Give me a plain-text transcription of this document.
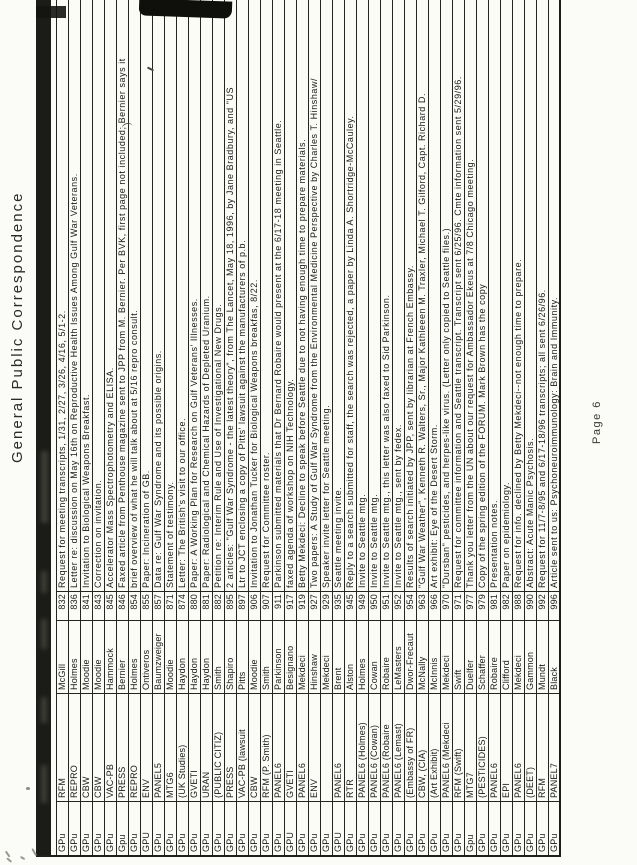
General Public Correspondence
GPu
RFM
McGill
832
Request for meeting transcripts, 1/31, 2/27, 3/26, 4/16, 5/1-2.
GPu
REPRO
Holmes
836
Letter re: discussion on May 16th on Reproductive Health Issues Among Gulf War Veterans.
GPu
CBW
Moodie
841
Invitation to Biological Weapons Breakfast.
GPu
CBW
Moodie
843
Correction on invitation.
GPu
VAC-PB
Hammock
845
Accelerator Mass Spectrophotometry and ELISA.
Gpu
PRESS
Bernier
846
Faxed article from Penthouse magazine sent to JPP from M. Bernier. Per BVK, first page not included; Bernier says it
GPu
REPRO
Holmes
854
brief overview of what he will talk about at 5/16 repro consult.
GPU
ENV
Ontiveros
855
Paper: Incineration of GB.
GPu
PANEL5
Baumzweiger
857
Data re: Gulf War Syndrome and its possible origins.
GPu
MTG6
Moodie
871
Statement of testimony.
GPu
(UK Studies)
Haydon
874
Letter: The British's visit to our office.
GPu
GVETI
Haydon
880
Paper: A Working Plan for Research on Gulf Veterans' Illnesses.
GPu
URAN
Haydon
881
Paper: Radiological and Chemical Hazards of Depleted Uranium.
GPu
(PUBLIC CITIZ)
Smith
882
Petition re: Interim Rule and Use of Investigational New Drugs.
GPu
PRESS
Shapiro
895
2 articles: "Gulf War Syndrome - the latest theory", from The Lancet, May 18, 1996, by Jane Bradbury, and "US
GPu
VAC-PB (lawsuit
Pitts
897
Ltr to JCT enclosing a copy of Pitts' lawsuit against the manufacturers of p.b.
GPu
CBW
Moodie
906
Invitation to Jonathan Tucker for Biological Weapons breakfas, 8/22.
GPu
RFM (P. Smith)
Smith
907
Request for Committee roster.
GPu
PANEL6
Parkinson
911
Parkinson submitted materials that Dr Bernard Robaire would present at the 6/17-18 meeting in Seattle.
GPU
GVETI
Besignano
917
faxed agenda of workshop on NIH Technology.
GPu
PANEL6
Mekdeci
919
Betty Mekdeci: Decline to speak before Seattle due to not having enough time to prepare materials.
GPu
ENV
Hinshaw
927
Two papers: A Study of Gulf War Syndrome from the Environmental Medicine Perspective by Charles T. Hinshaw/
GPu
Mekdeci
929
Speaker invite letter for Seattle meeting.
GPU
PANEL6
Brent
935
Seattle meeting invite.
GPu
RTR
Alston
945
Reply to a search submitted for staff, the search was rejected, a paper by Linda A. Shortridge-McCauley.
GPu
PANEL6 (Holmes)
Holmes
949
Invite to Seattle mtg.
GPu
PANEL6 (Cowan)
Cowan
950
Invite to Seattle mtg.
GPu
PANEL6 (Robaire
Robaire
951
Invite to Seattle mtg., this letter was also faxed to Sid Parkinson.
GPu
PANEL6 (Lemast)
LeMasters
952
Invite to Seattle mtg., sent by fedex.
GPu
(Embassy of FR)
Dwor-Frecaut
954
Results of search initiated by JPP, sent by librarian at French Embassy.
GPu
CBW, (CIA)
McNally
963
"Gulf War Weather", Kenneth R. Walters, Sr., Major Kathleeen M. Traxler, Michael T. Gilford, Capt. Richard D.
GPu
(Art Exhibit)
McInnis
966
Art exhibit: Eye of the Desert Storm.
GPu
PANEL6 (Mekdeci
Mekdeci
970
"Dursban" pesticides, and herpes-like virus. (Letter only copied to Seattle files.)
GPu
RFM (Swift)
Swift
971
Request for committee information and Seattle transcript. Transcript sent 6/25/96. Cmte information sent 5/29/96.
Gpu
MTG7
Duelfer
977
Thank you letter from the UN about our request for Ambassador Ekeus at 7/8 Chicago meeting.
GPu
(PESTICIDES)
Schaffer
979
Copy of the spring edition of the FORUM. Mark Brown has the copy
GPu
PANEL6
Robaire
981
Presentation notes.
GPu
EPI
Clifford
982
Paper on epidemiology.
GPu
PANEL6
Mekdeci
988
Request for info. declined by Betty Mekdeci--not enough time to prepare.
GPu
(DEET)
Gammon
990
Abstract: Acute Manic Psychosis.
GPu
RFM
Mundt
992
Request for 11/7-8/95 and 6/17-18/96 transcripts; all sent 6/26/96.
GPu
PANEL7
Black
996
Article sent to us: Psychoneuroimmunology: Brain and Immunity.	Page 6
